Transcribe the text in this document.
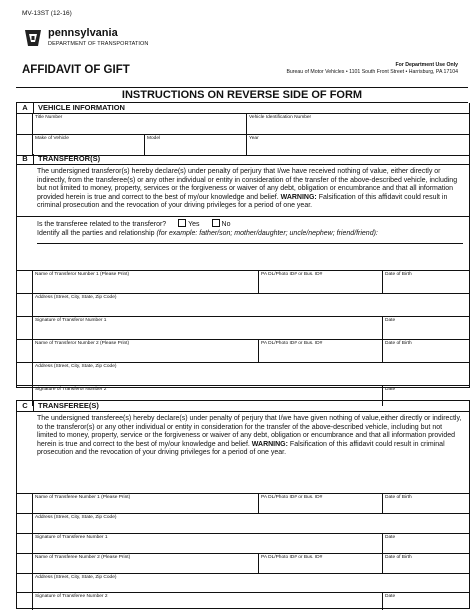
MV-13ST (12-16)
pennsylvania
DEPARTMENT OF TRANSPORTATION
AFFIDAVIT OF GIFT	For Department Use Only
Bureau of Motor Vehicles • 1101 South Front Street • Harrisburg, PA 17104
INSTRUCTIONS ON REVERSE SIDE OF FORM
A	VEHICLE INFORMATION
Title Number	Vehicle Identification Number
Make of Vehicle	Model	Year
B	TRANSFEROR(S)
The undersigned transferor(s) hereby declare(s) under penalty of perjury that I/we have received nothing of value, either directly or indirectly, from the transferee(s) or any other individual or entity in consideration of the transfer of the above-described vehicle, including but not limited to money, property, services or the forgiveness or waiver of any debt, obligation or encumbrance and that all information provided herein is true and correct to the best of my/our knowledge and belief. WARNING: Falsification of this affidavit could result in criminal prosecution and the revocation of your driving privileges for a period of one year.
Is the transferee related to the transferor?	Yes	No
Identify all the parties and relationship (for example: father/son; mother/daughter; uncle/nephew; friend/friend):
Name of Transferor Number 1 (Please Print)	PA DL/Photo ID# or Bus. ID#	Date of Birth
Address (Street, City, State, Zip Code)
Signature of Transferor Number 1	Date
Name of Transferor Number 2 (Please Print)	PA DL/Photo ID# or Bus. ID#	Date of Birth
Address (Street, City, State, Zip Code)
Signature of Transferor Number 2	Date
C	TRANSFEREE(S)
The undersigned transferee(s) hereby declare(s) under penalty of perjury that I/we have given nothing of value,either directly or indirectly, to the transferor(s) or any other individual or entity in consideration for the transfer of the above-described vehicle, including but not limited to money, property, service or the forgiveness or waiver of any debt, obligation or encumbrance and that all information provided herein is true and correct to the best of my/our knowledge and belief. WARNING: Falsification of this affidavit could result in criminal prosecution and the revocation of your driving privileges for a period of one year.
Name of Transferee Number 1 (Please Print)	PA DL/Photo ID# or Bus. ID#	Date of Birth
Address (Street, City, State, Zip Code)
Signature of Transferee Number 1	Date
Name of Transferee Number 2 (Please Print)	PA DL/Photo ID# or Bus. ID#	Date of Birth
Address (Street, City, State, Zip Code)
Signature of Transferee Number 2	Date
